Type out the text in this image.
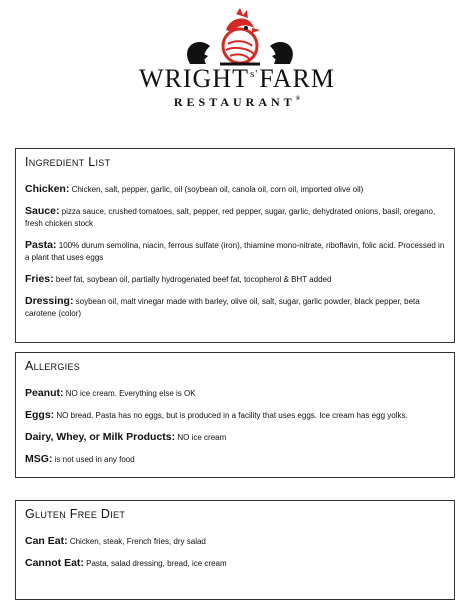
$WRIGHT^{s'}FARM$
RESTAURANT®
Ingredient List
Chicken: Chicken, salt, pepper, garlic, oil (soybean oil, canola oil, corn oil, imported olive oil)
Sauce: pizza sauce, crushed tomatoes, salt, pepper, red pepper, sugar, garlic, dehydrated onions, basil, oregano, fresh chicken stock
Pasta: 100% durum semolina, niacin, ferrous sulfate (iron), thiamine mono-nitrate, riboflavin, folic acid. Processed in a plant that uses eggs
Fries: beef fat, soybean oil, partially hydrogenated beef fat, tocopherol & BHT added
Dressing: soybean oil, malt vinegar made with barley, olive oil, salt, sugar, garlic powder, black pepper, beta carotene (color)
Allergies
Peanut: NO ice cream. Everything else is OK
Eggs: NO bread. Pasta has no eggs, but is produced in a facility that uses eggs. Ice cream has egg yolks.
Dairy, Whey, or Milk Products: NO ice cream
MSG: is not used in any food
Gluten Free Diet
Can Eat: Chicken, steak, French fries, dry salad
Cannot Eat: Pasta, salad dressing, bread, ice cream
